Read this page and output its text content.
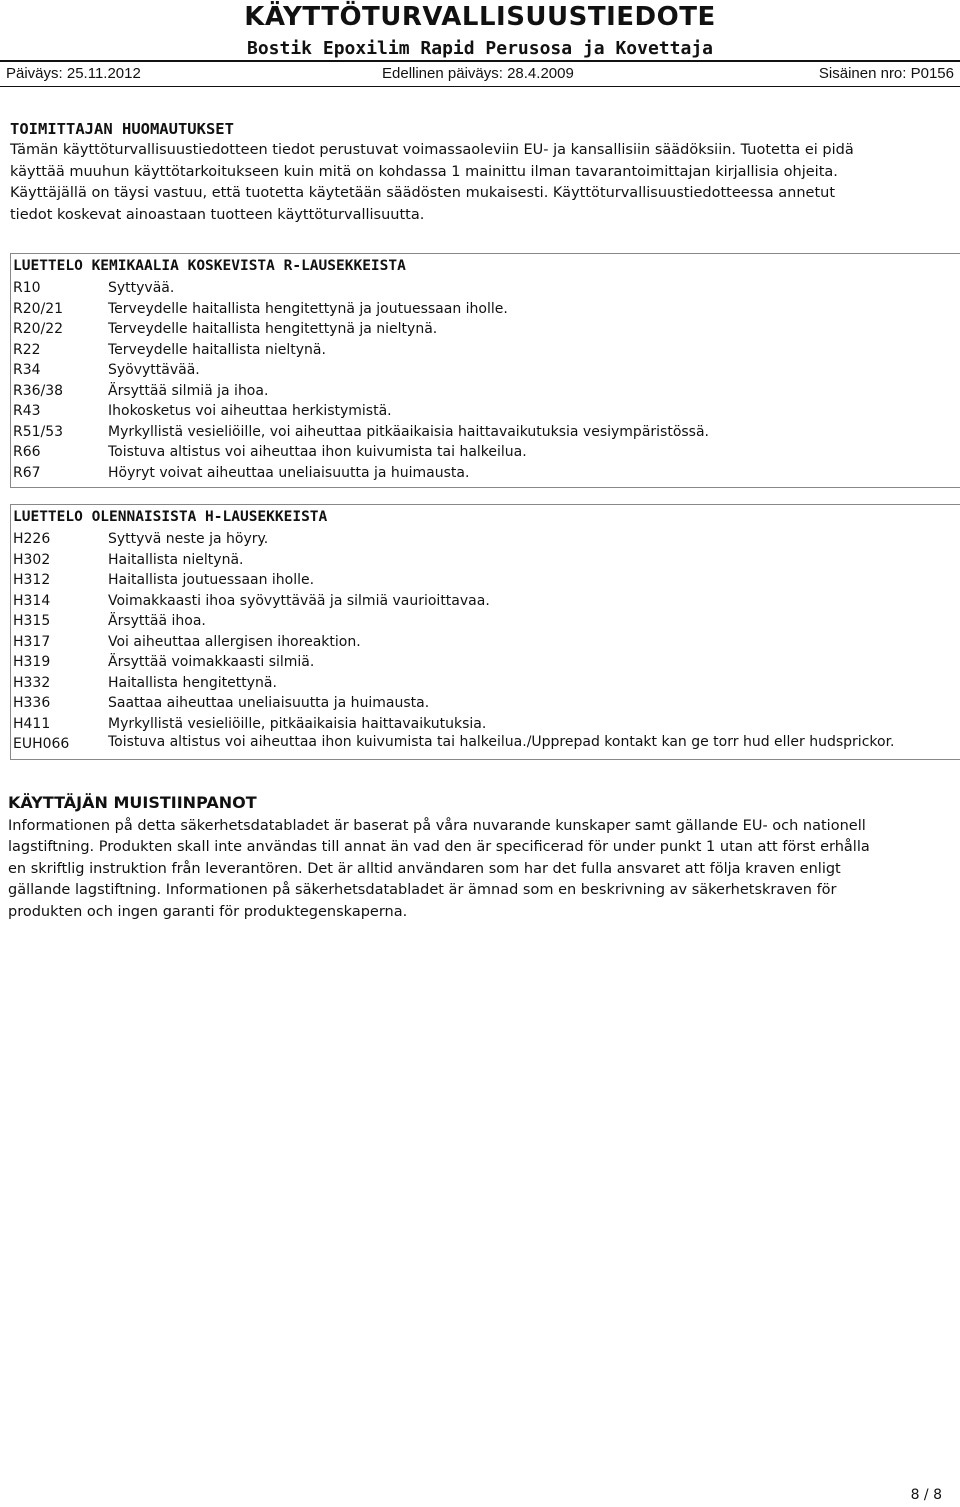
KÄYTTÖTURVALLISUUSTIEDOTE
Bostik Epoxilim Rapid Perusosa ja Kovettaja
Päiväys: 25.11.2012	Edellinen päiväys: 28.4.2009	Sisäinen nro: P0156
TOIMITTAJAN HUOMAUTUKSET

Tämän käyttöturvallisuustiedotteen tiedot perustuvat voimassaoleviin EU- ja kansallisiin säädöksiin. Tuotetta ei pidä

käyttää muuhun käyttötarkoitukseen kuin mitä on kohdassa 1 mainittu ilman tavarantoimittajan kirjallisia ohjeita.

Käyttäjällä on täysi vastuu, että tuotetta käytetään säädösten mukaisesti. Käyttöturvallisuustiedotteessa annetut

tiedot koskevat ainoastaan tuotteen käyttöturvallisuutta.

LUETTELO KEMIKAALIA KOSKEVISTA R-LAUSEKKEISTA
R10	Syttyvää.
R20/21	Terveydelle haitallista hengitettynä ja joutuessaan iholle.
R20/22	Terveydelle haitallista hengitettynä ja nieltynä.
R22	Terveydelle haitallista nieltynä.
R34	Syövyttävää.
R36/38	Ärsyttää silmiä ja ihoa.
R43	Ihokosketus voi aiheuttaa herkistymistä.
R51/53	Myrkyllistä vesieliöille, voi aiheuttaa pitkäaikaisia haittavaikutuksia vesiympäristössä.
R66	Toistuva altistus voi aiheuttaa ihon kuivumista tai halkeilua.
R67	Höyryt voivat aiheuttaa uneliaisuutta ja huimausta.
LUETTELO OLENNAISISTA H-LAUSEKKEISTA
H226	Syttyvä neste ja höyry.
H302	Haitallista nieltynä.
H312	Haitallista joutuessaan iholle.
H314	Voimakkaasti ihoa syövyttävää ja silmiä vaurioittavaa.
H315	Ärsyttää ihoa.
H317	Voi aiheuttaa allergisen ihoreaktion.
H319	Ärsyttää voimakkaasti silmiä.
H332	Haitallista hengitettynä.
H336	Saattaa aiheuttaa uneliaisuutta ja huimausta.
H411	Myrkyllistä vesieliöille, pitkäaikaisia haittavaikutuksia.
EUH066	Toistuva altistus voi aiheuttaa ihon kuivumista tai halkeilua./Upprepad kontakt kan ge torr hud eller hudsprickor.
KÄYTTÄJÄN MUISTIINPANOT

Informationen på detta säkerhetsdatabladet är baserat på våra nuvarande kunskaper samt gällande EU- och nationell

lagstiftning. Produkten skall inte användas till annat än vad den är specificerad för under punkt 1 utan att först erhålla

en skriftlig instruktion från leverantören. Det är alltid användaren som har det fulla ansvaret att följa kraven enligt

gällande lagstiftning. Informationen på säkerhetsdatabladet är ämnad som en beskrivning av säkerhetskraven för

produkten och ingen garanti för produktegenskaperna.

8 / 8
